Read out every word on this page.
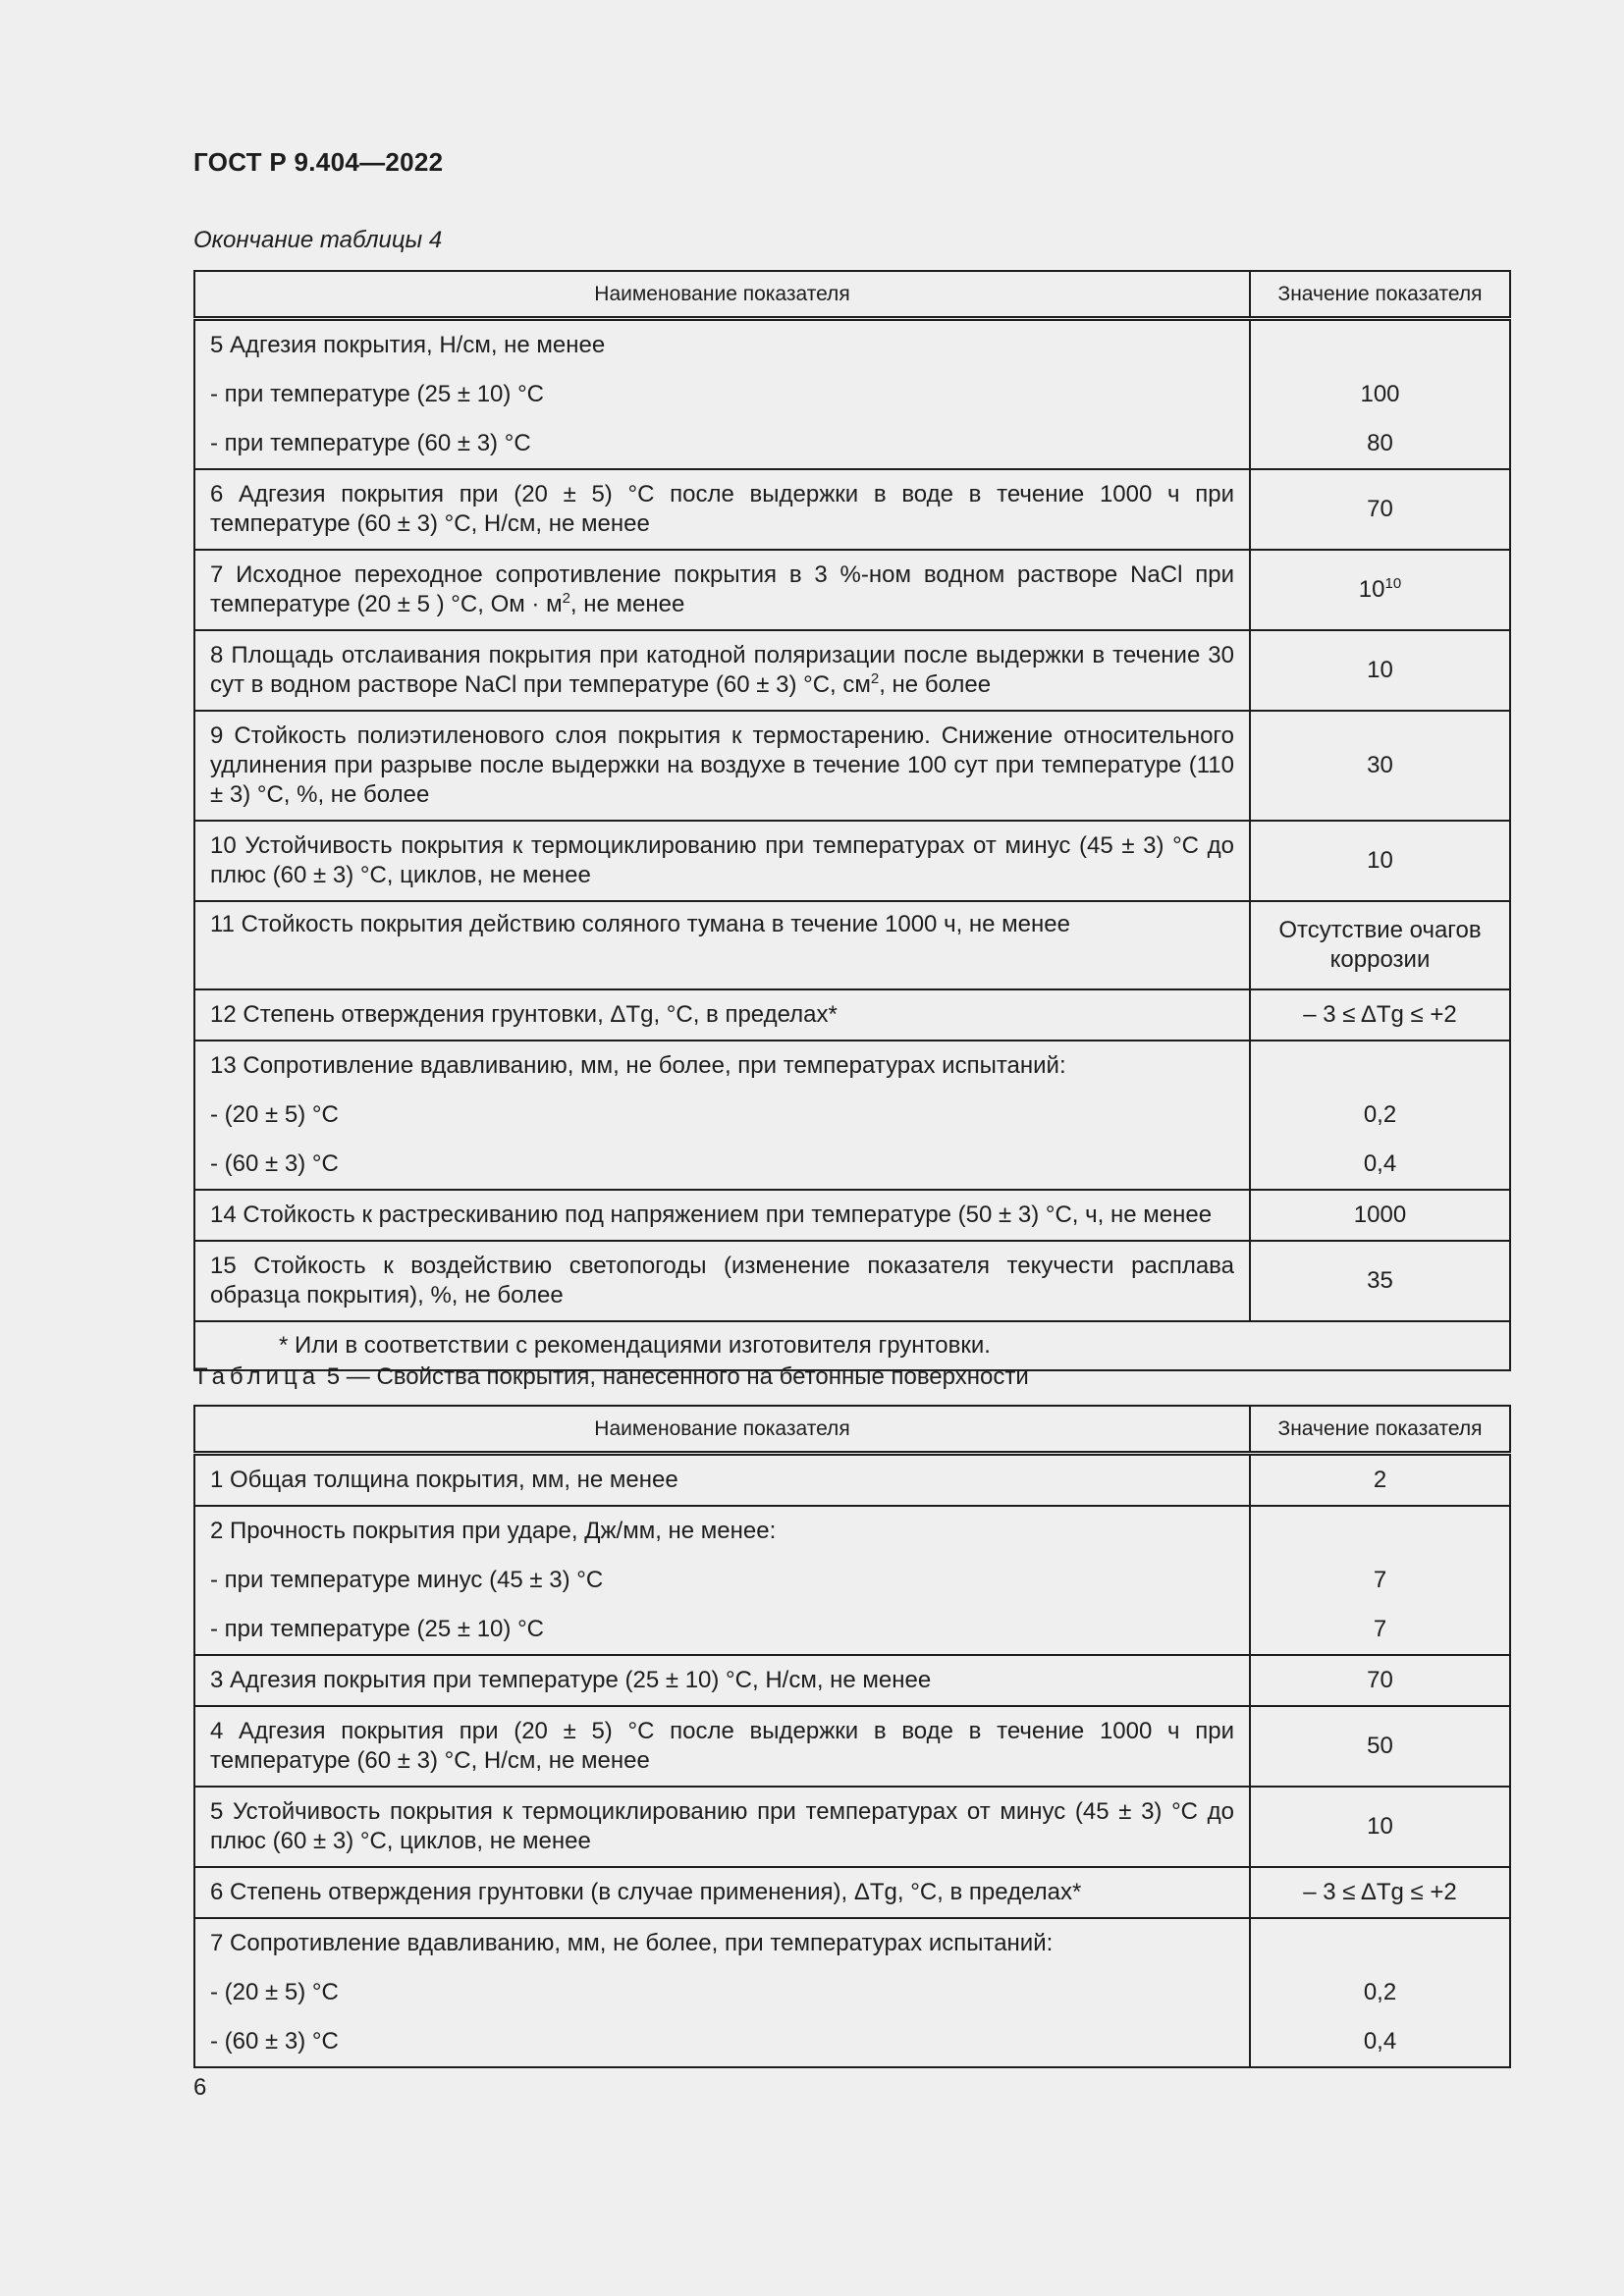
ГОСТ Р 9.404—2022
Окончание таблицы 4
Наименование показателя	Значение показателя
5 Адгезия покрытия, Н/см, не менее	
- при температуре (25 ± 10) °С	100
- при температуре (60 ± 3) °С	80
6 Адгезия покрытия при (20 ± 5) °С после выдержки в воде в течение 1000 ч при температуре (60 ± 3) °С, Н/см, не менее	70
7 Исходное переходное сопротивление покрытия в 3 %-ном водном растворе NaCl при температуре (20 ± 5 ) °С, Ом · $м^2$, не менее	$10^{10}$
8 Площадь отслаивания покрытия при катодной поляризации после выдержки в течение 30 сут в водном растворе NaCl при температуре (60 ± 3) °С, $см^2$, не более	10
9 Стойкость полиэтиленового слоя покрытия к термостарению. Снижение относительного удлинения при разрыве после выдержки на воздухе в течение 100 сут при температуре (110 ± 3) °С, %, не более	30
10 Устойчивость покрытия к термоциклированию при температурах от минус (45 ± 3) °С до плюс (60 ± 3) °С, циклов, не менее	10
11 Стойкость покрытия действию соляного тумана в течение 1000 ч, не менее	Отсутствие очагов коррозии
12 Степень отверждения грунтовки, ΔTg, °С, в пределах*	– 3 ≤ ΔTg ≤ +2
13 Сопротивление вдавливанию, мм, не более, при температурах испытаний:	
- (20 ± 5) °С	0,2
- (60 ± 3) °С	0,4
14 Стойкость к растрескиванию под напряжением при температуре (50 ± 3) °С, ч, не менее	1000
15 Стойкость к воздействию светопогоды (изменение показателя текучести расплава образца покрытия), %, не более	35
* Или в соответствии с рекомендациями изготовителя грунтовки.	
Таблица 5 — Свойства покрытия, нанесенного на бетонные поверхности
Наименование показателя	Значение показателя
1 Общая толщина покрытия, мм, не менее	2
2 Прочность покрытия при ударе, Дж/мм, не менее:	
- при температуре минус (45 ± 3) °С	7
- при температуре (25 ± 10) °С	7
3 Адгезия покрытия при температуре (25 ± 10) °С, Н/см, не менее	70
4 Адгезия покрытия при (20 ± 5) °С после выдержки в воде в течение 1000 ч при температуре (60 ± 3) °С, Н/см, не менее	50
5 Устойчивость покрытия к термоциклированию при температурах от минус (45 ± 3) °С до плюс (60 ± 3) °С, циклов, не менее	10
6 Степень отверждения грунтовки (в случае применения), ΔTg, °С, в пределах*	– 3 ≤ ΔTg ≤ +2
7 Сопротивление вдавливанию, мм, не более, при температурах испытаний:	
- (20 ± 5) °С	0,2
- (60 ± 3) °С	0,4
6
